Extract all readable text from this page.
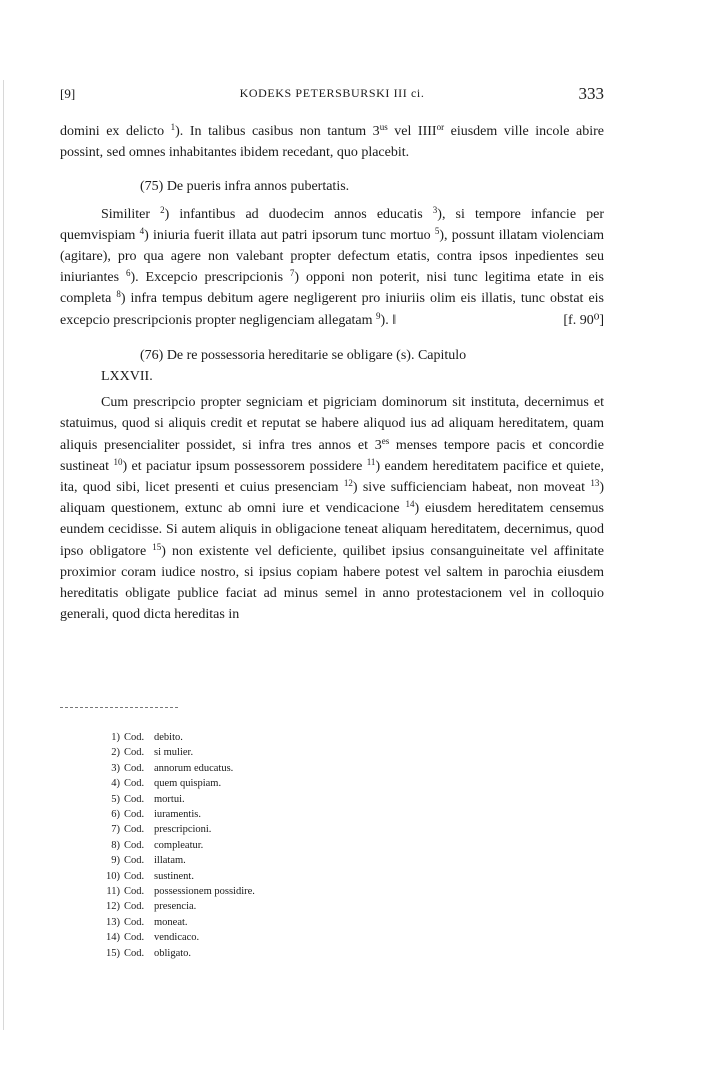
[9]	KODEKS PETERSBURSKI III ci.	333

domini ex delicto $^1$). In talibus casibus non tantum $3^{us}$ vel $IIII^{or}$ eiusdem ville incole abire possint, sed omnes inhabitantes ibidem recedant, quo placebit.

(75) De pueris infra annos pubertatis.

Similiter $^2$) infantibus ad duodecim annos educatis $^3$), si tempore infancie per quemvispiam $^4$) iniuria fuerit illata aut patri ipsorum tunc mortuo $^5$), possunt illatam violenciam (agitare), pro qua agere non valebant propter defectum etatis, contra ipsos inpedientes seu iniuriantes $^6$). Excepcio prescripcionis $^7$) opponi non poterit, nisi tunc legitima etate in eis completa $^8$) infra tempus debitum agere negligerent pro iniuriis olim eis illatis, tunc obstat eis excepcio prescripcionis propter negligenciam allegatam $^9$). ‖	[f. 90⁰]

(76) De re possessoria hereditarie se obligare (s). Capitulo

LXXVII.

Cum prescripcio propter segniciam et pigriciam dominorum sit instituta, decernimus et statuimus, quod si aliquis credit et reputat se habere aliquod ius ad aliquam hereditatem, quam aliquis presencialiter possidet, si infra tres annos et $3^{es}$ menses tempore pacis et concordie sustineat $^{10}$) et paciatur ipsum possessorem possidere $^{11}$) eandem hereditatem pacifice et quiete, ita, quod sibi, licet presenti et cuius presenciam $^{12}$) sive sufficienciam habeat, non moveat $^{13}$) aliquam questionem, extunc ab omni iure et vendicacione $^{14}$) eiusdem hereditatem censemus eundem cecidisse. Si autem aliquis in obligacione teneat aliquam hereditatem, decernimus, quod ipso obligatore $^{15}$) non existente vel deficiente, quilibet ipsius consanguineitate vel affinitate proximior coram iudice nostro, si ipsius copiam habere potest vel saltem in parochia eiusdem hereditatis obligate publice faciat ad minus semel in anno protestacionem vel in colloquio generali, quod dicta hereditas in

1) Cod. debito.
2) Cod. si mulier.
3) Cod. annorum educatus.
4) Cod. quem quispiam.
5) Cod. mortui.
6) Cod. iuramentis.
7) Cod. prescripcioni.
8) Cod. compleatur.
9) Cod. illatam.
10) Cod. sustinent.
11) Cod. possessionem possidire.
12) Cod. presencia.
13) Cod. moneat.
14) Cod. vendicaco.
15) Cod. obligato.
